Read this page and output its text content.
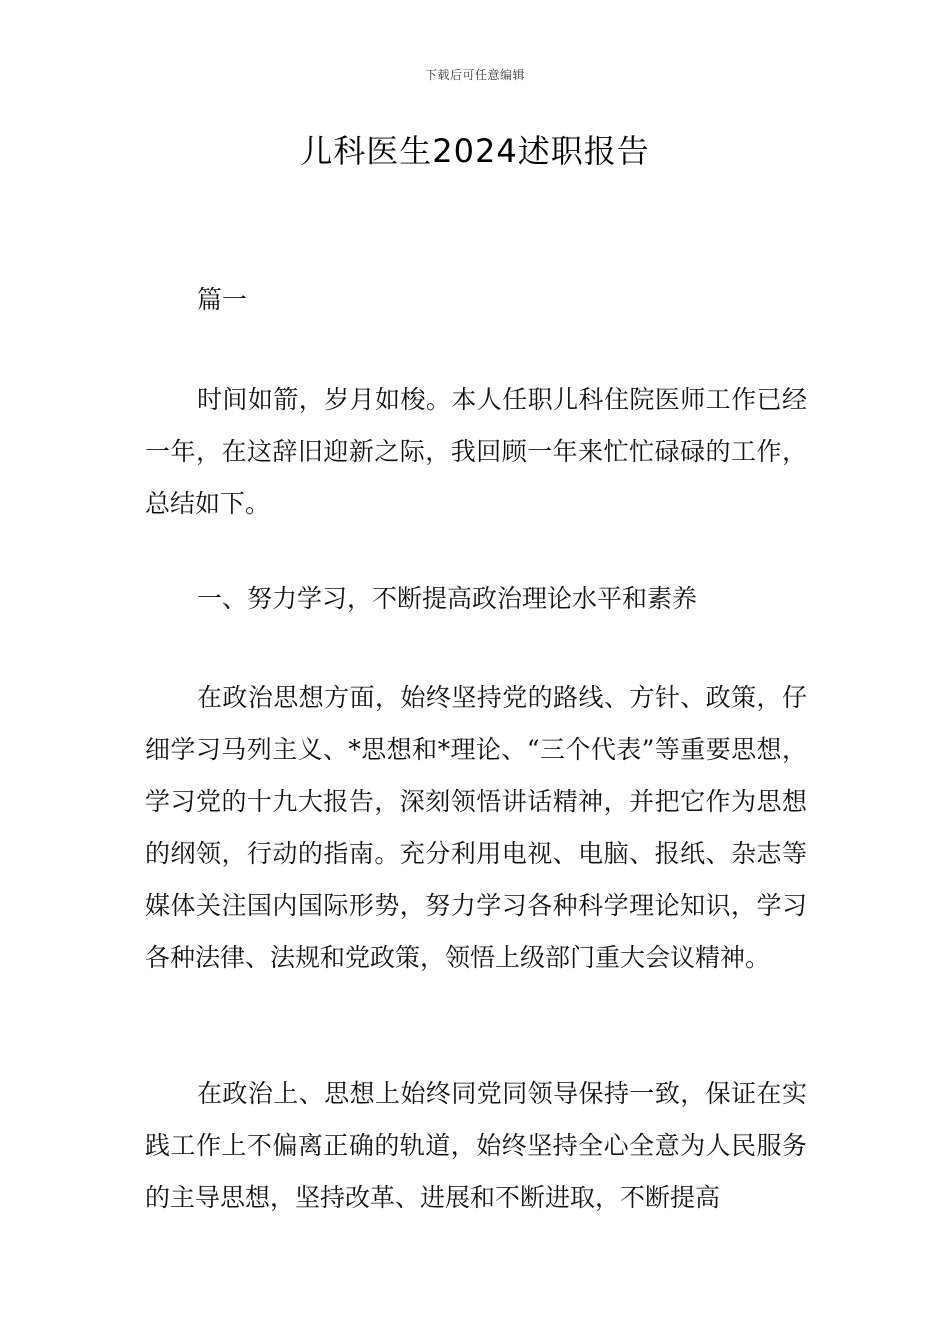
下载后可任意编辑
儿科医生2024述职报告

篇一

时间如箭，岁月如梭。本人任职儿科住院医师工作已经一年，在这辞旧迎新之际，我回顾一年来忙忙碌碌的工作，总结如下。

一、努力学习，不断提高政治理论水平和素养

在政治思想方面，始终坚持党的路线、方针、政策，仔细学习马列主义、*思想和*理论、“三个代表”等重要思想，学习党的十九大报告，深刻领悟讲话精神，并把它作为思想的纲领，行动的指南。充分利用电视、电脑、报纸、杂志等媒体关注国内国际形势，努力学习各种科学理论知识，学习各种法律、法规和党政策，领悟上级部门重大会议精神。

在政治上、思想上始终同党同领导保持一致，保证在实践工作上不偏离正确的轨道，始终坚持全心全意为人民服务的主导思想，坚持改革、进展和不断进取，不断提高
